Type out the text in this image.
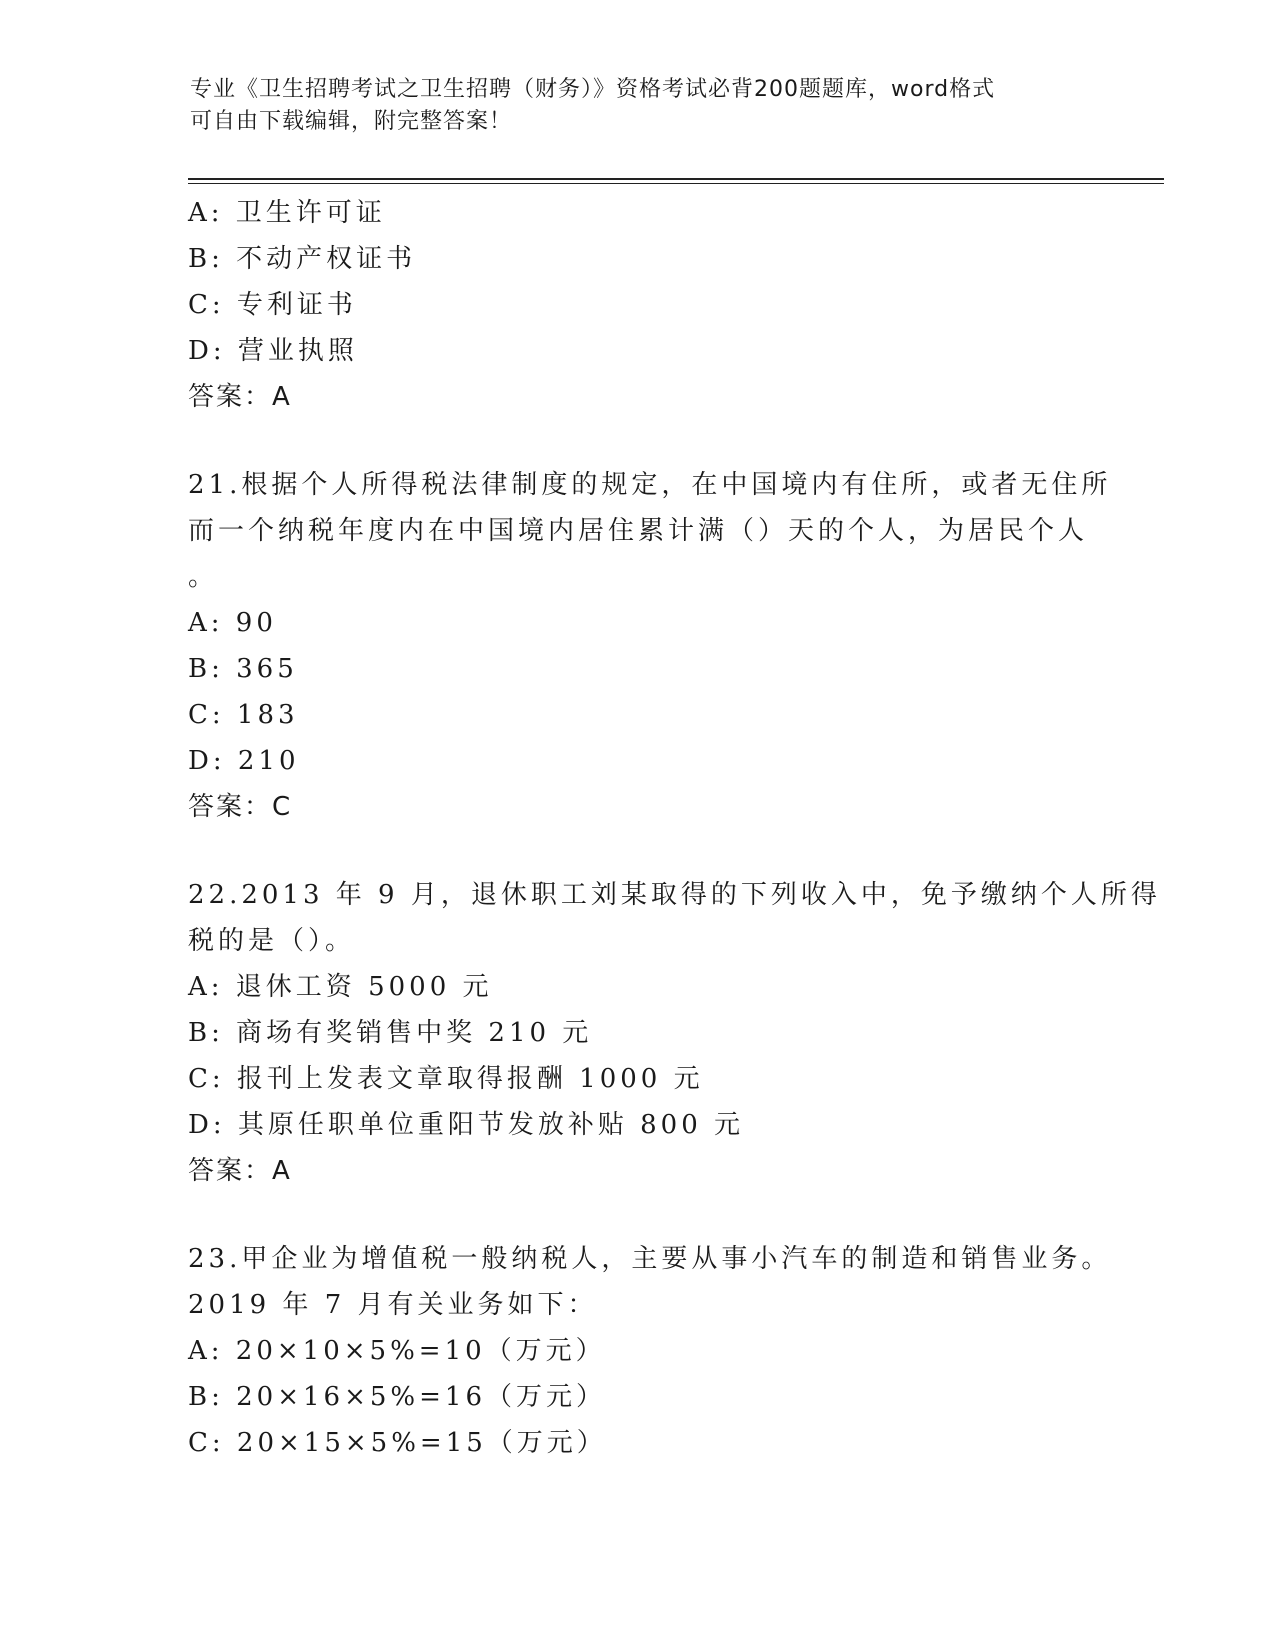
专业《卫生招聘考试之卫生招聘（财务）》资格考试必背200题题库，word格式
可自由下载编辑，附完整答案！
A: 卫生许可证
B: 不动产权证书
C: 专利证书
D: 营业执照
答案：A
21.根据个人所得税法律制度的规定，在中国境内有住所，或者无住所
而一个纳税年度内在中国境内居住累计满（）天的个人，为居民个人
。
A: 90
B: 365
C: 183
D: 210
答案：C
22.2013 年 9 月，退休职工刘某取得的下列收入中，免予缴纳个人所得
税的是（）。
A: 退休工资 5000 元
B: 商场有奖销售中奖 210 元
C: 报刊上发表文章取得报酬 1000 元
D: 其原任职单位重阳节发放补贴 800 元
答案：A
23.甲企业为增值税一般纳税人，主要从事小汽车的制造和销售业务。
2019 年 7 月有关业务如下：
A: 20×10×5%=10（万元）
B: 20×16×5%=16（万元）
C: 20×15×5%=15（万元）
